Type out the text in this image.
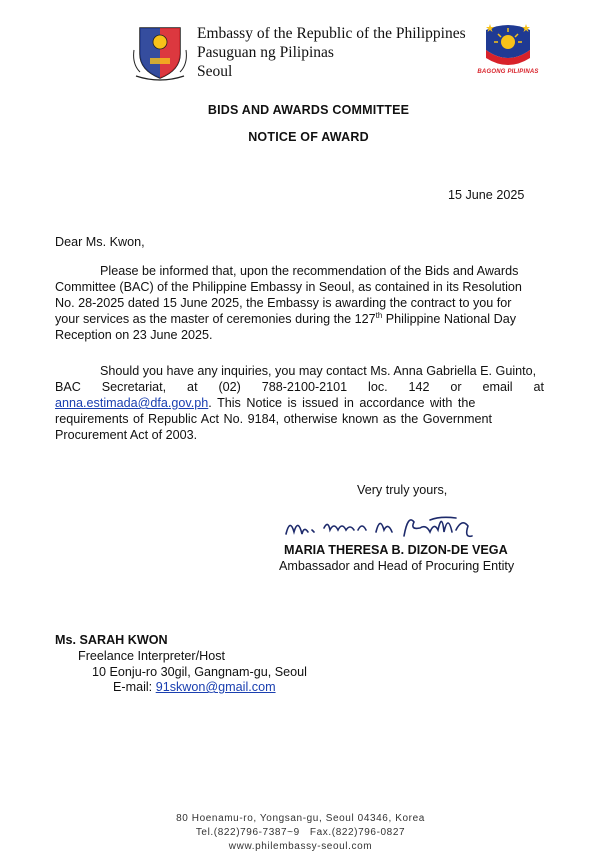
Embassy of the Republic of the Philippines
Pasuguan ng Pilipinas
Seoul	BAGONG PILIPINAS
BIDS AND AWARDS COMMITTEE
NOTICE OF AWARD
15 June 2025
Dear Ms. Kwon,
Please be informed that, upon the recommendation of the Bids and Awards
Committee (BAC) of the Philippine Embassy in Seoul, as contained in its Resolution
No. 28-2025 dated 15 June 2025, the Embassy is awarding the contract to you for
your services as the master of ceremonies during the 127th Philippine National Day
Reception on 23 June 2025.
Should you have any inquiries, you may contact Ms. Anna Gabriella E. Guinto,
BAC Secretariat, at (02) 788-2100-2101 loc. 142 or email at
anna.estimada@dfa.gov.ph. This Notice is issued in accordance with the
requirements of Republic Act No. 9184, otherwise known as the Government
Procurement Act of 2003.
Very truly yours,
MARIA THERESA B. DIZON-DE VEGA
Ambassador and Head of Procuring Entity
Ms. SARAH KWON
Freelance Interpreter/Host
10 Eonju-ro 30gil, Gangnam-gu, Seoul
E-mail: 91skwon@gmail.com
80 Hoenamu-ro, Yongsan-gu, Seoul 04346, Korea
Tel.(822)796-7387~9   Fax.(822)796-0827
www.philembassy-seoul.com
